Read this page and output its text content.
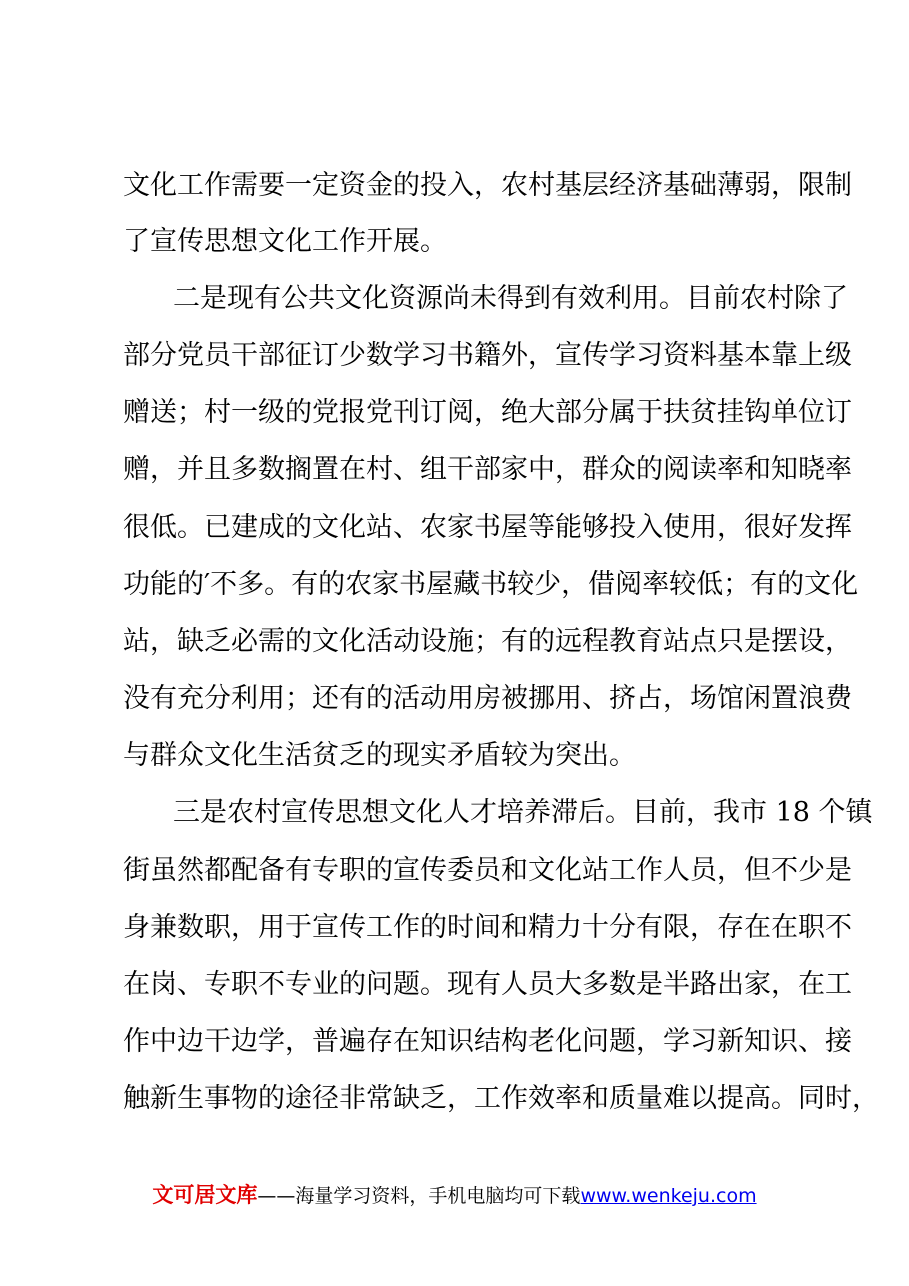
文化工作需要一定资金的投入，农村基层经济基础薄弱，限制
了宣传思想文化工作开展。
二是现有公共文化资源尚未得到有效利用。目前农村除了
部分党员干部征订少数学习书籍外，宣传学习资料基本靠上级
赠送；村一级的党报党刊订阅，绝大部分属于扶贫挂钩单位订
赠，并且多数搁置在村、组干部家中，群众的阅读率和知晓率
很低。已建成的文化站、农家书屋等能够投入使用，很好发挥
功能的′不多。有的农家书屋藏书较少，借阅率较低；有的文化
站，缺乏必需的文化活动设施；有的远程教育站点只是摆设，
没有充分利用；还有的活动用房被挪用、挤占，场馆闲置浪费
与群众文化生活贫乏的现实矛盾较为突出。
三是农村宣传思想文化人才培养滞后。目前，我市 18 个镇
街虽然都配备有专职的宣传委员和文化站工作人员，但不少是
身兼数职，用于宣传工作的时间和精力十分有限，存在在职不
在岗、专职不专业的问题。现有人员大多数是半路出家，在工
作中边干边学，普遍存在知识结构老化问题，学习新知识、接
触新生事物的途径非常缺乏，工作效率和质量难以提高。同时，
文可居文库——海量学习资料，手机电脑均可下载www.wenkeju.com
